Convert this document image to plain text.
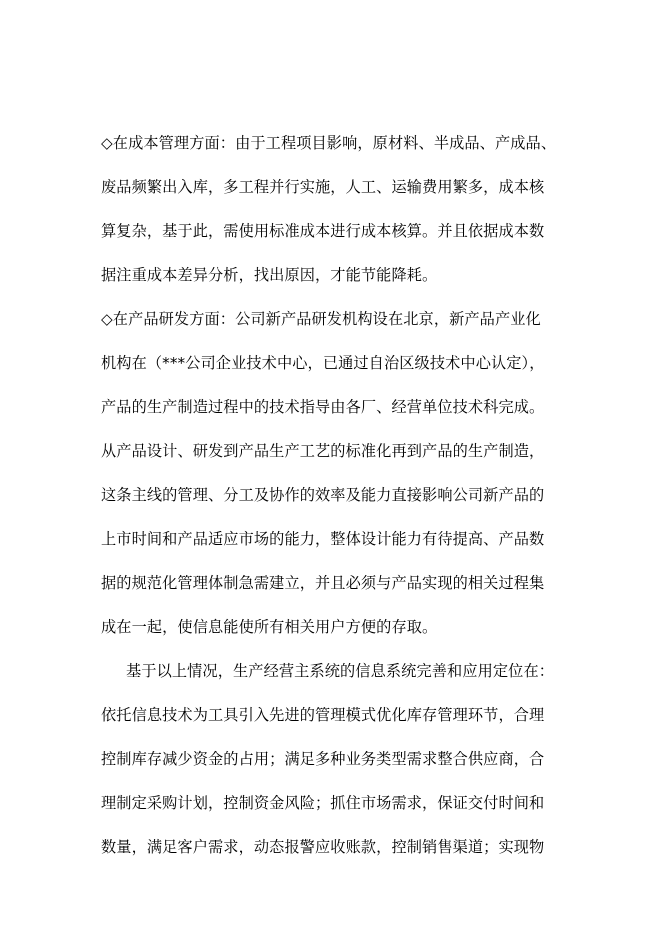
◇在成本管理方面：由于工程项目影响，原材料、半成品、产成品、
废品频繁出入库，多工程并行实施，人工、运输费用繁多，成本核
算复杂，基于此，需使用标准成本进行成本核算。并且依据成本数
据注重成本差异分析，找出原因，才能节能降耗。
◇在产品研发方面：公司新产品研发机构设在北京，新产品产业化
机构在（***公司企业技术中心，已通过自治区级技术中心认定），
产品的生产制造过程中的技术指导由各厂、经营单位技术科完成。
从产品设计、研发到产品生产工艺的标准化再到产品的生产制造，
这条主线的管理、分工及协作的效率及能力直接影响公司新产品的
上市时间和产品适应市场的能力，整体设计能力有待提高、产品数
据的规范化管理体制急需建立，并且必须与产品实现的相关过程集
成在一起，使信息能使所有相关用户方便的存取。
基于以上情况，生产经营主系统的信息系统完善和应用定位在：
依托信息技术为工具引入先进的管理模式优化库存管理环节，合理
控制库存减少资金的占用；满足多种业务类型需求整合供应商，合
理制定采购计划，控制资金风险；抓住市场需求，保证交付时间和
数量，满足客户需求，动态报警应收账款，控制销售渠道；实现物
